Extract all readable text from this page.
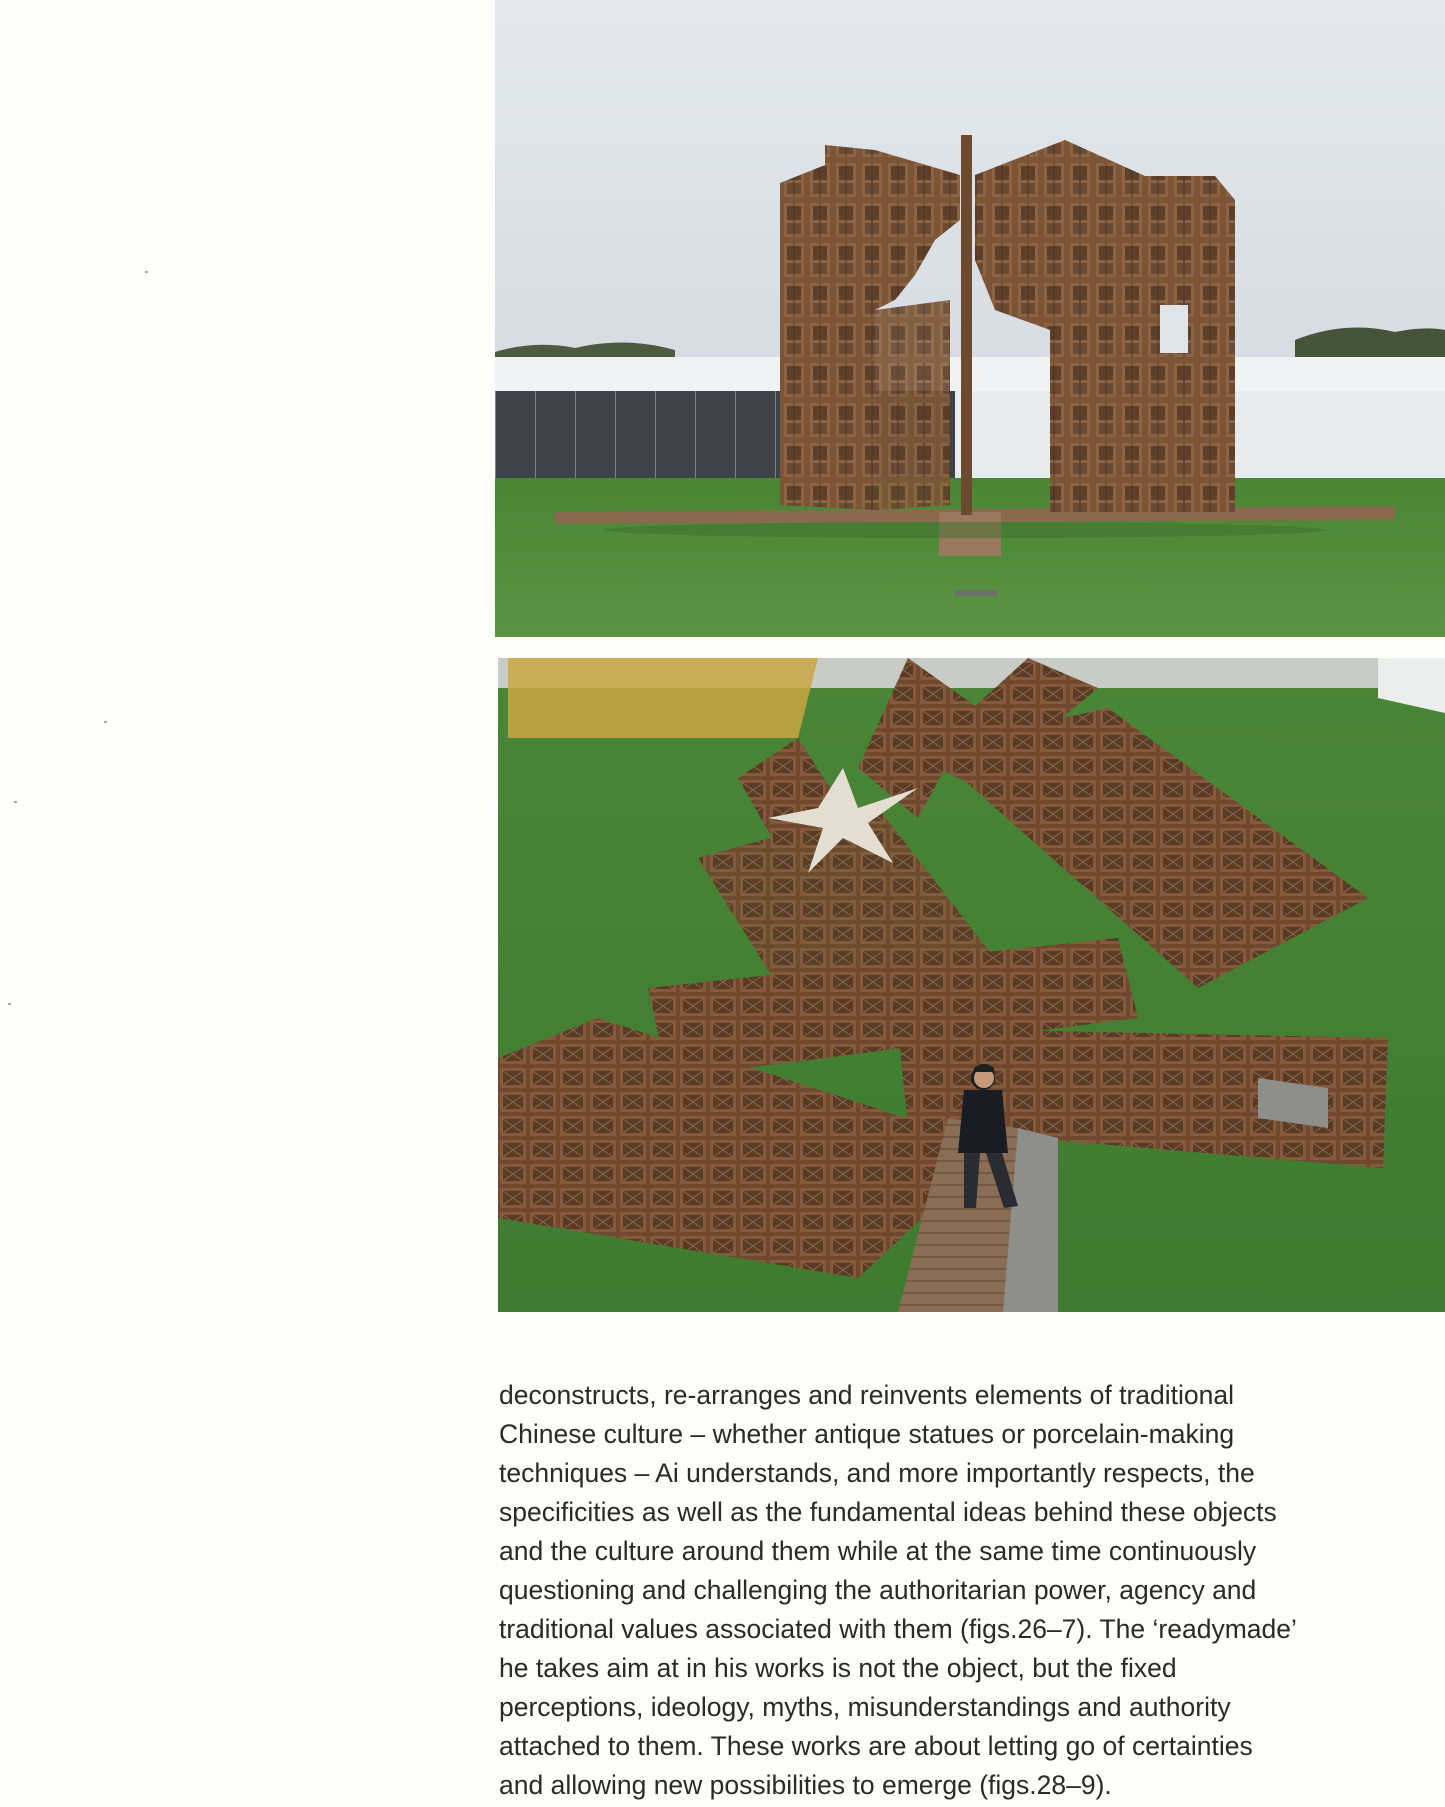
deconstructs, re-arranges and reinvents elements of traditional
Chinese culture – whether antique statues or porcelain-making
techniques – Ai understands, and more importantly respects, the
specificities as well as the fundamental ideas behind these objects
and the culture around them while at the same time continuously
questioning and challenging the authoritarian power, agency and
traditional values associated with them (figs.26–7). The ‘readymade’
he takes aim at in his works is not the object, but the fixed
perceptions, ideology, myths, misunderstandings and authority
attached to them. These works are about letting go of certainties
and allowing new possibilities to emerge (figs.28–9).
